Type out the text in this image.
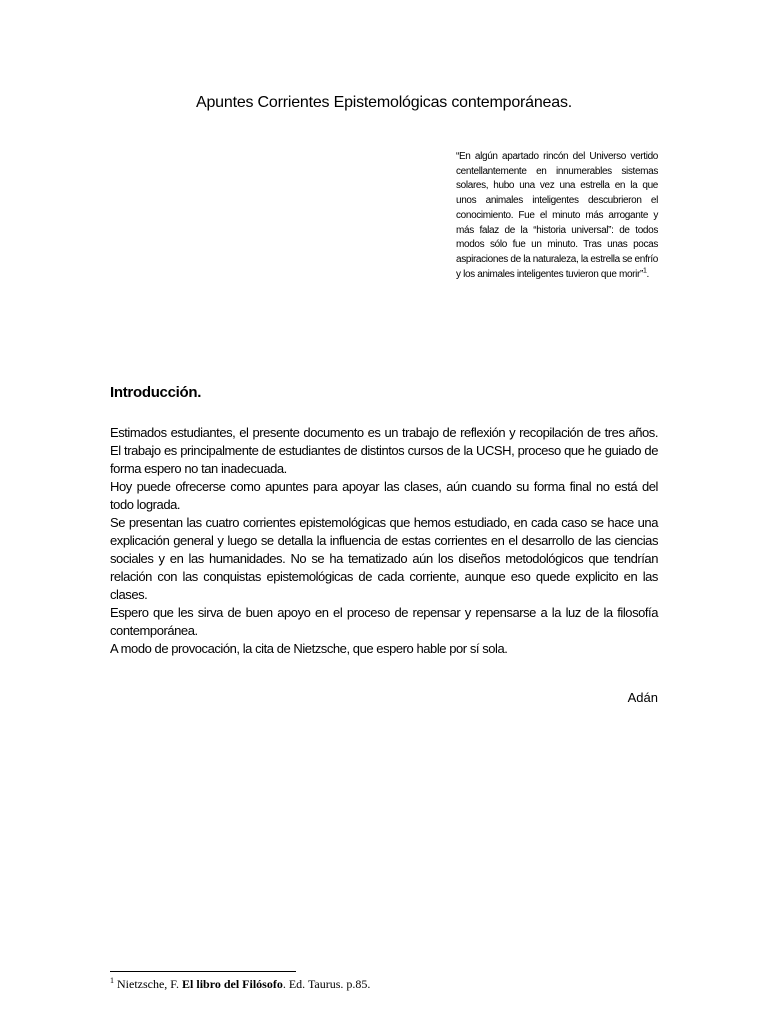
Apuntes Corrientes Epistemológicas contemporáneas.
“En algún apartado rincón del Universo vertido centellantemente en innumerables sistemas solares, hubo una vez una estrella en la que unos animales inteligentes descubrieron el conocimiento. Fue el minuto más arrogante y más falaz de la “historia universal”: de todos modos sólo fue un minuto. Tras unas pocas aspiraciones de la naturaleza, la estrella se enfrío y los animales inteligentes tuvieron que morir”$^1$.
Introducción.

Estimados estudiantes, el presente documento es un trabajo de reflexión y recopilación de tres años. El trabajo es principalmente de estudiantes de distintos cursos de la UCSH, proceso que he guiado de forma espero no tan inadecuada.

Hoy puede ofrecerse como apuntes para apoyar las clases, aún cuando su forma final no está del todo lograda.

Se presentan las cuatro corrientes epistemológicas que hemos estudiado, en cada caso se hace una explicación general y luego se detalla la influencia de estas corrientes en el desarrollo de las ciencias sociales y en las humanidades. No se ha tematizado aún los diseños metodológicos que tendrían relación con las conquistas epistemológicas de cada corriente, aunque eso quede explicito en las clases.

Espero que les sirva de buen apoyo en el proceso de repensar y repensarse a la luz de la filosofía contemporánea.

A modo de provocación, la cita de Nietzsche, que espero hable por sí sola.

Adán
$^1$ Nietzsche, F. El libro del Filósofo. Ed. Taurus. p.85.
